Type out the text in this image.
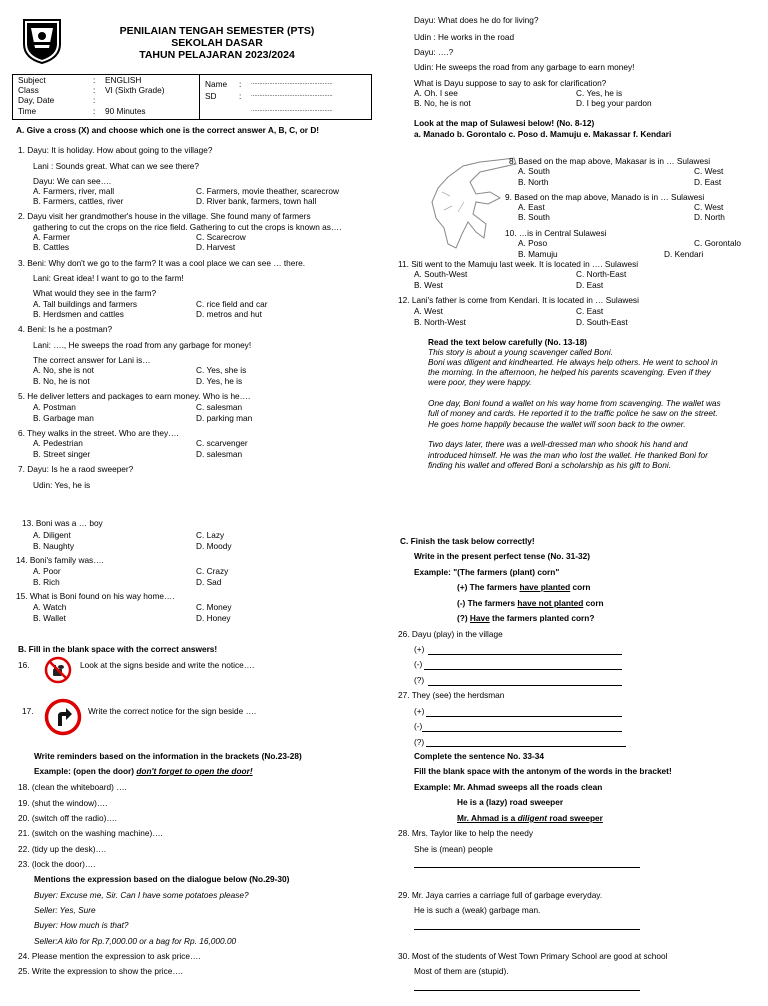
PENILAIAN TENGAH SEMESTER (PTS)
SEKOLAH DASAR
TAHUN PELAJARAN 2023/2024
Subject	: ENGLISH
Class	: VI (Sixth Grade)
Day, Date	:
Time	: 90 Minutes
Name : .................................................
SD	: .................................................
.................................................
A. Give a cross (X) and choose which one is the correct answer A, B, C, or D!
1. Dayu: It is holiday. How about going to the village?
Lani : Sounds great. What can we see there?
Dayu: We can see….
A. Farmers, river, mall
B. Farmers, cattles, river
C. Farmers, movie theather, scarecrow
D. River bank, farmers, town hall
2. Dayu visit her grandmother's house in the village. She found many of farmers
gathering to cut the crops on the rice field. Gathering to cut the crops is known as….
A. Farmer
B. Cattles
C. Scarecrow
D. Harvest
3. Beni: Why don't we go to the farm? It was a cool place we can see … there.
Lani: Great idea! I want to go to the farm!
What would they see in the farm?
A. Tall buildings and farmers
B. Herdsmen and cattles
C. rice field and car
D. metros and hut
4. Beni: Is he a postman?
Lani: …., He sweeps the road from any garbage for money!
The correct answer for Lani is…
A. No, she is not
B. No, he is not
C. Yes, she is
D. Yes, he is
5. He deliver letters and packages to earn money. Who is he….
A. Postman
B. Garbage man
C. salesman
D. parking man
6. They walks in the street. Who are they….
A. Pedestrian
B. Street singer
C. scarvenger
D. salesman
7. Dayu: Is he a raod sweeper?
Udin: Yes, he is
Dayu: What does he do for living?
Udin : He works in the road
Dayu: ….?
Udin: He sweeps the road from any garbage to earn money!
What is Dayu suppose to say to ask for clarification?
A. Oh. I see
B. No, he is not
C. Yes, he is
D. I beg your pardon
Look at the map of Sulawesi below! (No. 8-12)
a. Manado b. Gorontalo c. Poso d. Mamuju e. Makassar f. Kendari
8. Based on the map above, Makasar is in … Sulawesi
A. South
B. North
C. West
D. East
9. Based on the map above, Manado is in … Sulawesi
A. East
B. South
C. West
D. North
10. …is in Central Sulawesi
A. Poso
B. Mamuju
C. Gorontalo
D. Kendari
11. Siti went to the Mamuju last week. It is located in …. Sulawesi
A. South-West
B. West
C. North-East
D. East
12. Lani's father is come from Kendari. It is located in … Sulawesi
A. West
B. North-West
C. East
D. South-East
Read the text below carefully (No. 13-18)
This story is about a young scavenger called Boni.
Boni was diligent and kindhearted. He always help others. He went to school in
the morning. In the afternoon, he helped his parents scavenging. Even if they
were poor, they were happy.
One day, Boni found a wallet on his way home from scavenging. The wallet was
full of money and cards. He reported it to the traffic police he saw on the street.
He goes home happily because the wallet will soon back to the owner.
Two days later, there was a well-dressed man who shook his hand and
introduced himself. He was the man who lost the wallet. He thanked Boni for
finding his wallet and offered Boni a scholarship as his gift to Boni.
13. Boni was a … boy
A. Diligent
B. Naughty
C. Lazy
D. Moody
14. Boni's family was….
A. Poor
B. Rich
C. Crazy
D. Sad
15. What is Boni found on his way home….
A. Watch
B. Wallet
C. Money
D. Honey
B. Fill in the blank space with the correct answers!
16.	Look at the signs beside and write the notice….
17.	Write the correct notice for the sign beside ….
Write reminders based on the information in the brackets (No.23-28)
Example: (open the door) don't forget to open the door!
18. (clean the whiteboard) ….
19. (shut the window)….
20. (switch off the radio)….
21. (switch on the washing machine)….
22. (tidy up the desk)….
23. (lock the door)….
Mentions the expression based on the dialogue below (No.29-30)
Buyer: Excuse me, Sir. Can I have some potatoes please?
Seller: Yes, Sure
Buyer: How much is that?
Seller:A kilo for Rp.7,000.00 or a bag for Rp. 16,000.00
24. Please mention the expression to ask price….
25. Write the expression to show the price….
C. Finish the task below correctly!
Write in the present perfect tense (No. 31-32)
Example: "(The farmers (plant) corn"
(+) The farmers have planted corn
(-) The farmers have not planted corn
(?) Have the farmers planted corn?
26. Dayu (play) in the village
(+)
(-)
(?)
27. They (see) the herdsman
(+)
(-)
(?)
Complete the sentence No. 33-34
Fill the blank space with the antonym of the words in the bracket!
Example: Mr. Ahmad sweeps all the roads clean
He is a (lazy) road sweeper
Mr. Ahmad is a diligent road sweeper
28. Mrs. Taylor like to help the needy
She is (mean) people
29. Mr. Jaya carries a carriage full of garbage everyday.
He is such a (weak) garbage man.
30. Most of the students of West Town Primary School are good at school
Most of them are (stupid).
